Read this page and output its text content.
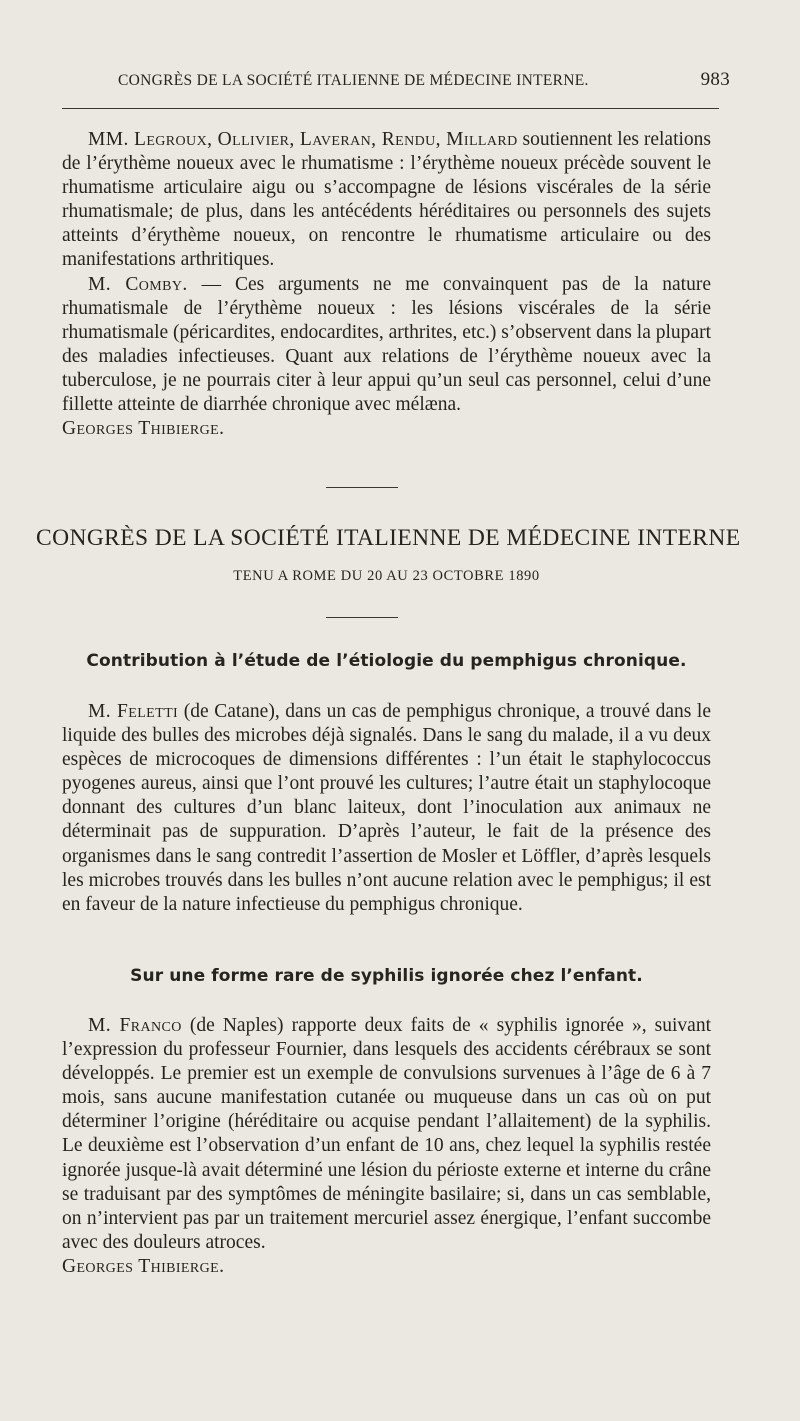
CONGRÈS DE LA SOCIÉTÉ ITALIENNE DE MÉDECINE INTERNE.	983

MM. Legroux, Ollivier, Laveran, Rendu, Millard soutiennent les relations de l’érythème noueux avec le rhumatisme : l’érythème noueux précède souvent le rhumatisme articulaire aigu ou s’accompagne de lésions viscérales de la série rhumatismale; de plus, dans les antécédents héréditaires ou personnels des sujets atteints d’érythème noueux, on rencontre le rhumatisme articulaire ou des manifestations arthritiques.

M. Comby. — Ces arguments ne me convainquent pas de la nature rhumatismale de l’érythème noueux : les lésions viscérales de la série rhumatismale (péricardites, endocardites, arthrites, etc.) s’observent dans la plupart des maladies infectieuses. Quant aux relations de l’érythème noueux avec la tuberculose, je ne pourrais citer à leur appui qu’un seul cas personnel, celui d’une fillette atteinte de diarrhée chronique avec mélæna.

Georges Thibierge.

CONGRÈS DE LA SOCIÉTÉ ITALIENNE DE MÉDECINE INTERNE
TENU A ROME DU 20 AU 23 OCTOBRE 1890
Contribution à l’étude de l’étiologie du pemphigus chronique.

M. Feletti (de Catane), dans un cas de pemphigus chronique, a trouvé dans le liquide des bulles des microbes déjà signalés. Dans le sang du malade, il a vu deux espèces de microcoques de dimensions différentes : l’un était le staphylococcus pyogenes aureus, ainsi que l’ont prouvé les cultures; l’autre était un staphylocoque donnant des cultures d’un blanc laiteux, dont l’inoculation aux animaux ne déterminait pas de suppuration. D’après l’auteur, le fait de la présence des organismes dans le sang contredit l’assertion de Mosler et Löffler, d’après lesquels les microbes trouvés dans les bulles n’ont aucune relation avec le pemphigus; il est en faveur de la nature infectieuse du pemphigus chronique.

Sur une forme rare de syphilis ignorée chez l’enfant.

M. Franco (de Naples) rapporte deux faits de « syphilis ignorée », suivant l’expression du professeur Fournier, dans lesquels des accidents cérébraux se sont développés. Le premier est un exemple de convulsions survenues à l’âge de 6 à 7 mois, sans aucune manifestation cutanée ou muqueuse dans un cas où on put déterminer l’origine (héréditaire ou acquise pendant l’allaitement) de la syphilis. Le deuxième est l’observation d’un enfant de 10 ans, chez lequel la syphilis restée ignorée jusque-là avait déterminé une lésion du périoste externe et interne du crâne se traduisant par des symptômes de méningite basilaire; si, dans un cas semblable, on n’intervient pas par un traitement mercuriel assez énergique, l’enfant succombe avec des douleurs atroces.

Georges Thibierge.
